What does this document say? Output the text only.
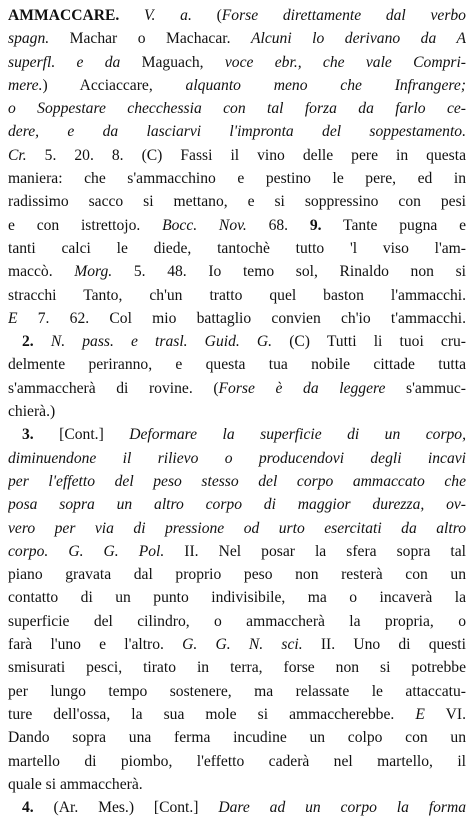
AMMACCARE. V. a. (Forse direttamente dal verbo
spagn. Machar o Machacar. Alcuni lo derivano da A
superfl. e da Maguach, voce ebr., che vale Compri-
mere.) Acciaccare, alquanto meno che Infrangere;
o Soppestare checchessia con tal forza da farlo ce-
dere, e da lasciarvi l'impronta del soppestamento.
Cr. 5. 20. 8. (C) Fassi il vino delle pere in questa
maniera: che s'ammacchino e pestino le pere, ed in
radissimo sacco si mettano, e si soppressino con pesi
e con istrettojo. Bocc. Nov. 68. 9. Tante pugna e
tanti calci le diede, tantochè tutto 'l viso l'am-
maccò. Morg. 5. 48. Io temo sol, Rinaldo non si
stracchi Tanto, ch'un tratto quel baston l'ammacchi.
E 7. 62. Col mio battaglio convien ch'io t'ammacchi.
2. N. pass. e trasl. Guid. G. (C) Tutti li tuoi cru-
delmente periranno, e questa tua nobile cittade tutta
s'ammaccherà di rovine. (Forse è da leggere s'ammuc-
chierà.)
3. [Cont.] Deformare la superficie di un corpo,
diminuendone il rilievo o producendovi degli incavi
per l'effetto del peso stesso del corpo ammaccato che
posa sopra un altro corpo di maggior durezza, ov-
vero per via di pressione od urto esercitati da altro
corpo. G. G. Pol. II. Nel posar la sfera sopra tal
piano gravata dal proprio peso non resterà con un
contatto di un punto indivisibile, ma o incaverà la
superficie del cilindro, o ammaccherà la propria, o
farà l'uno e l'altro. G. G. N. sci. II. Uno di questi
smisurati pesci, tirato in terra, forse non si potrebbe
per lungo tempo sostenere, ma relassate le attaccatu-
ture dell'ossa, la sua mole si ammaccherebbe. E VI.
Dando sopra una ferma incudine un colpo con un
martello di piombo, l'effetto caderà nel martello, il
quale si ammaccherà.
4. (Ar. Mes.) [Cont.] Dare ad un corpo la forma
